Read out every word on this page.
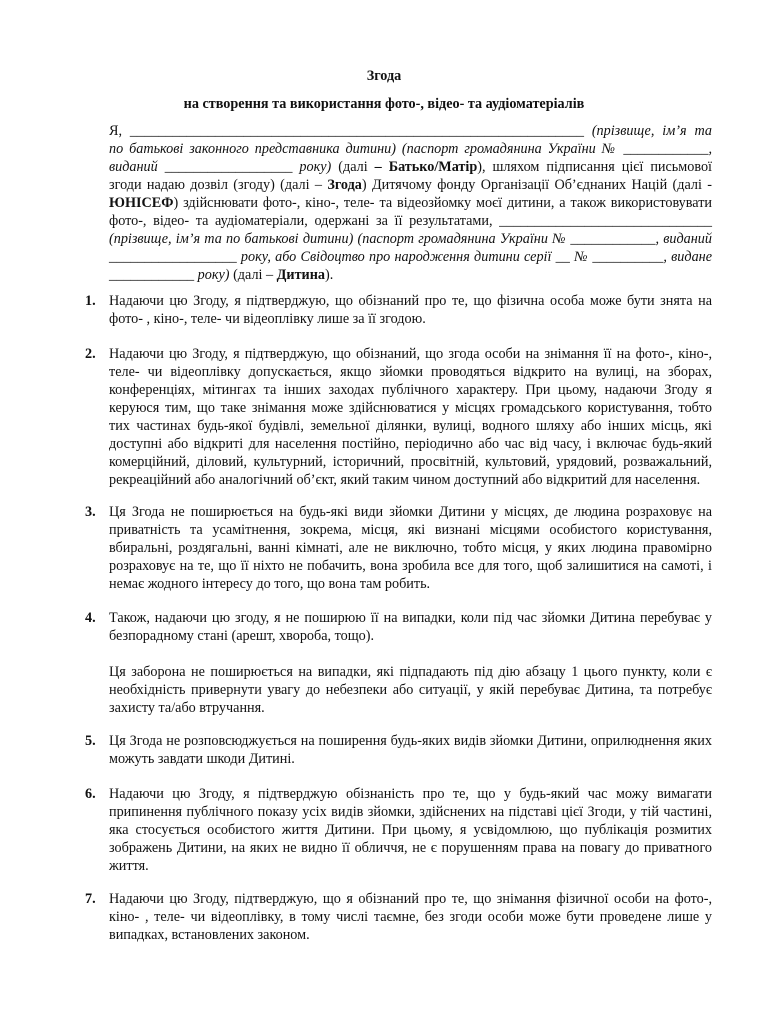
Згода
на створення та використання фото-, відео- та аудіоматеріалів
Я, ________________________________________________________________ (прізвище, ім’я та по батькові законного представника дитини) (паспорт громадянина України № ____________, виданий __________________ року) (далі – Батько/Матір), шляхом підписання цієї письмової згоди надаю дозвіл (згоду) (далі – Згода) Дитячому фонду Організації Об’єднаних Націй (далі - ЮНІСЕФ) здійснювати фото-, кіно-, теле- та відеозйомку моєї дитини, а також використовувати фото-, відео- та аудіоматеріали, одержані за її результатами, ______________________________ (прізвище, ім’я та по батькові дитини) (паспорт громадянина України № ____________, виданий __________________ року, або Свідоцтво про народження дитини серії __ № __________, видане ____________ року) (далі – Дитина).
1. Надаючи цю Згоду, я підтверджую, що обізнаний про те, що фізична особа може бути знята на фото- , кіно-, теле- чи відеоплівку лише за її згодою.

2. Надаючи цю Згоду, я підтверджую, що обізнаний, що згода особи на знімання її на фото-, кіно-, теле- чи відеоплівку допускається, якщо зйомки проводяться відкрито на вулиці, на зборах, конференціях, мітингах та інших заходах публічного характеру. При цьому, надаючи Згоду я керуюся тим, що таке знімання може здійснюватися у місцях громадського користування, тобто тих частинах будь-якої будівлі, земельної ділянки, вулиці, водного шляху або інших місць, які доступні або відкриті для населення постійно, періодично або час від часу, і включає будь-який комерційний, діловий, культурний, історичний, просвітній, культовий, урядовий, розважальний, рекреаційний або аналогічний об’єкт, який таким чином доступний або відкритий для населення.

3. Ця Згода не поширюється на будь-які види зйомки Дитини у місцях, де людина розраховує на приватність та усамітнення, зокрема, місця, які визнані місцями особистого користування, вбиральні, роздягальні, ванні кімнаті, але не виключно, тобто місця, у яких людина правомірно розраховує на те, що її ніхто не побачить, вона зробила все для того, щоб залишитися на самоті, і немає жодного інтересу до того, що вона там робить.

4. Також, надаючи цю згоду, я не поширюю її на випадки, коли під час зйомки Дитина перебуває у безпорадному стані (арешт, хвороба, тощо).

Ця заборона не поширюється на випадки, які підпадають під дію абзацу 1 цього пункту, коли є необхідність привернути увагу до небезпеки або ситуації, у якій перебуває Дитина, та потребує захисту та/або втручання.

5. Ця Згода не розповсюджується на поширення будь-яких видів зйомки Дитини, оприлюднення яких можуть завдати шкоди Дитині.

6. Надаючи цю Згоду, я підтверджую обізнаність про те, що у будь-який час можу вимагати припинення публічного показу усіх видів зйомки, здійснених на підставі цієї Згоди, у тій частині, яка стосується особистого життя Дитини. При цьому, я усвідомлюю, що публікація розмитих зображень Дитини, на яких не видно її обличчя, не є порушенням права на повагу до приватного життя.

7. Надаючи цю Згоду, підтверджую, що я обізнаний про те, що знімання фізичної особи на фото-, кіно- , теле- чи відеоплівку, в тому числі таємне, без згоди особи може бути проведене лише у випадках, встановлених законом.
